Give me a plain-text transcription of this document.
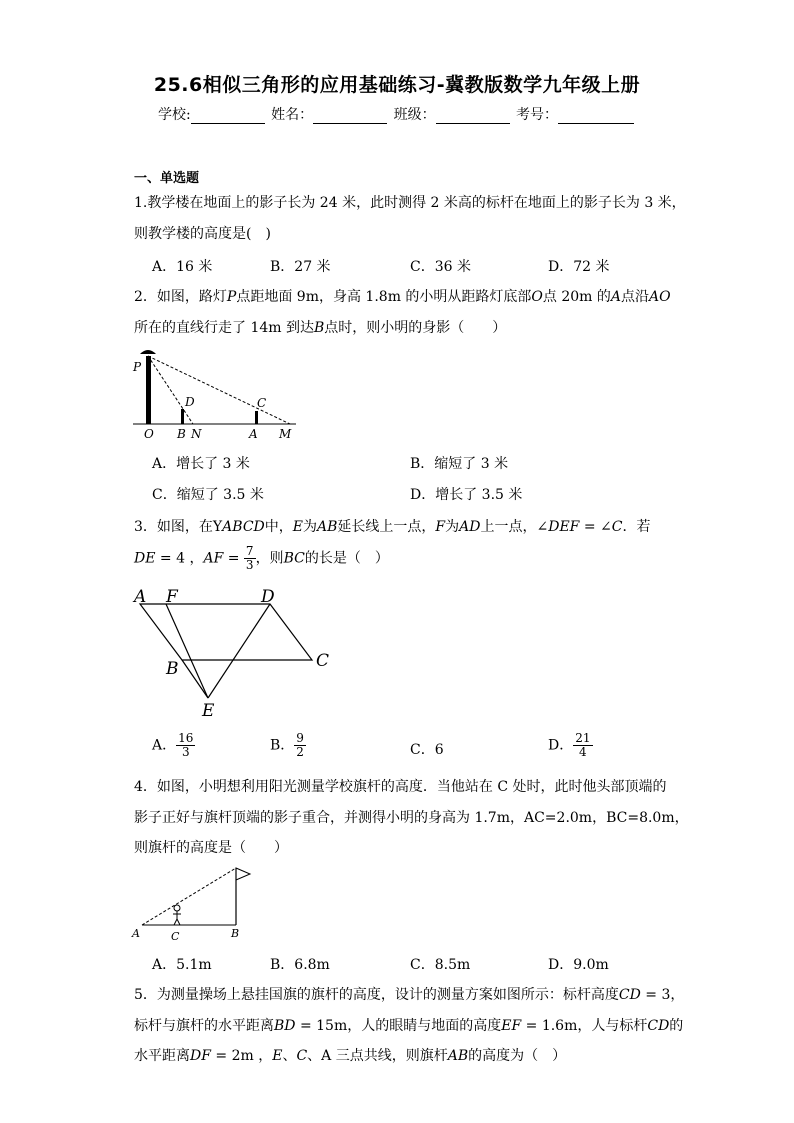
25.6相似三角形的应用基础练习-冀教版数学九年级上册
学校:	姓名：	班级：	考号：
一、单选题
1.教学楼在地面上的影子长为 24 米，此时测得 2 米高的标杆在地面上的影子长为 3 米，
则教学楼的高度是(　)
A．16 米	B．27 米	C．36 米	D．72 米
2．如图，路灯P点距地面 9m，身高 1.8m 的小明从距路灯底部O点 20m 的A点沿AO
所在的直线行走了 14m 到达B点时，则小明的身影（　　）
P
D	C
O B N	A M
A．增长了 3 米	B．缩短了 3 米
C．缩短了 3.5 米	D．增长了 3.5 米
3．如图，在YABCD中，E为AB延长线上一点，F为AD上一点，∠DEF = ∠C．若
DE = 4 ，AF = $\frac{7}{3}$ ，则BC的长是（　）
A F	D
B	C
E
A． $\frac{16}{3}$	B． $\frac{9}{2}$	C．6	D． $\frac{21}{4}$
4．如图，小明想利用阳光测量学校旗杆的高度．当他站在 C 处时，此时他头部顶端的
影子正好与旗杆顶端的影子重合，并测得小明的身高为 1.7m，AC=2.0m，BC=8.0m，
则旗杆的高度是（　　）
A	C	B
A．5.1m	B．6.8m	C．8.5m	D．9.0m
5．为测量操场上悬挂国旗的旗杆的高度，设计的测量方案如图所示：标杆高度CD = 3，
标杆与旗杆的水平距离BD = 15m，人的眼睛与地面的高度EF = 1.6m，人与标杆CD的
水平距离DF = 2m ，E、C、A 三点共线，则旗杆AB的高度为（　）
